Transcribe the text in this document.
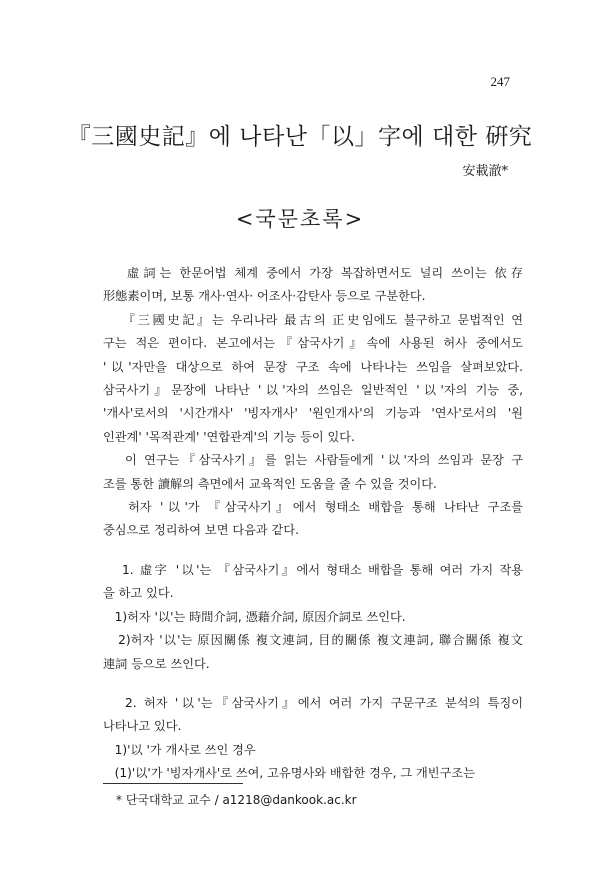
247
『三國史記』에 나타난「以」字에 대한 硏究
安載澈*
<국문초록>
虛詞는 한문어법 체계 중에서 가장 복잡하면서도 널리 쓰이는 依存
形態素이며, 보통 개사·연사· 어조사·감탄사 등으로 구분한다.
『三國史記』는 우리나라 最古의 正史임에도 불구하고 문법적인 연
구는 적은 편이다. 본고에서는『삼국사기』속에 사용된 허사 중에서도
'以'자만을 대상으로 하여 문장 구조 속에 나타나는 쓰임을 살펴보았다.
삼국사기』문장에 나타난 '以'자의 쓰임은 일반적인 '以'자의 기능 중,
'개사'로서의 '시간개사' '빙자개사' '원인개사'의 기능과 '연사'로서의 '원
인관계' '목적관계' '연합관계'의 기능 등이 있다.
이 연구는『삼국사기』를 읽는 사람들에게 '以'자의 쓰임과 문장 구
조를 통한 讀解의 측면에서 교육적인 도움을 줄 수 있을 것이다.
허자 '以'가 『삼국사기』에서 형태소 배합을 통해 나타난 구조를
중심으로 정리하여 보면 다음과 같다.
1. 虛字 '以'는 『삼국사기』에서 형태소 배합을 통해 여러 가지 작용
을 하고 있다.
1)허자 '以'는 時間介詞, 憑藉介詞, 原因介詞로 쓰인다.
2)허자 '以'는 原因關係 複文連詞, 目的關係 複文連詞, 聯合關係 複文
連詞 등으로 쓰인다.
2. 허자 '以'는『삼국사기』에서 여러 가지 구문구조 분석의 특징이
나타나고 있다.
1)'以 '가 개사로 쓰인 경우
(1)'以'가 '빙자개사'로 쓰여, 고유명사와 배합한 경우, 그 개빈구조는
* 단국대학교 교수 / a1218@dankook.ac.kr
